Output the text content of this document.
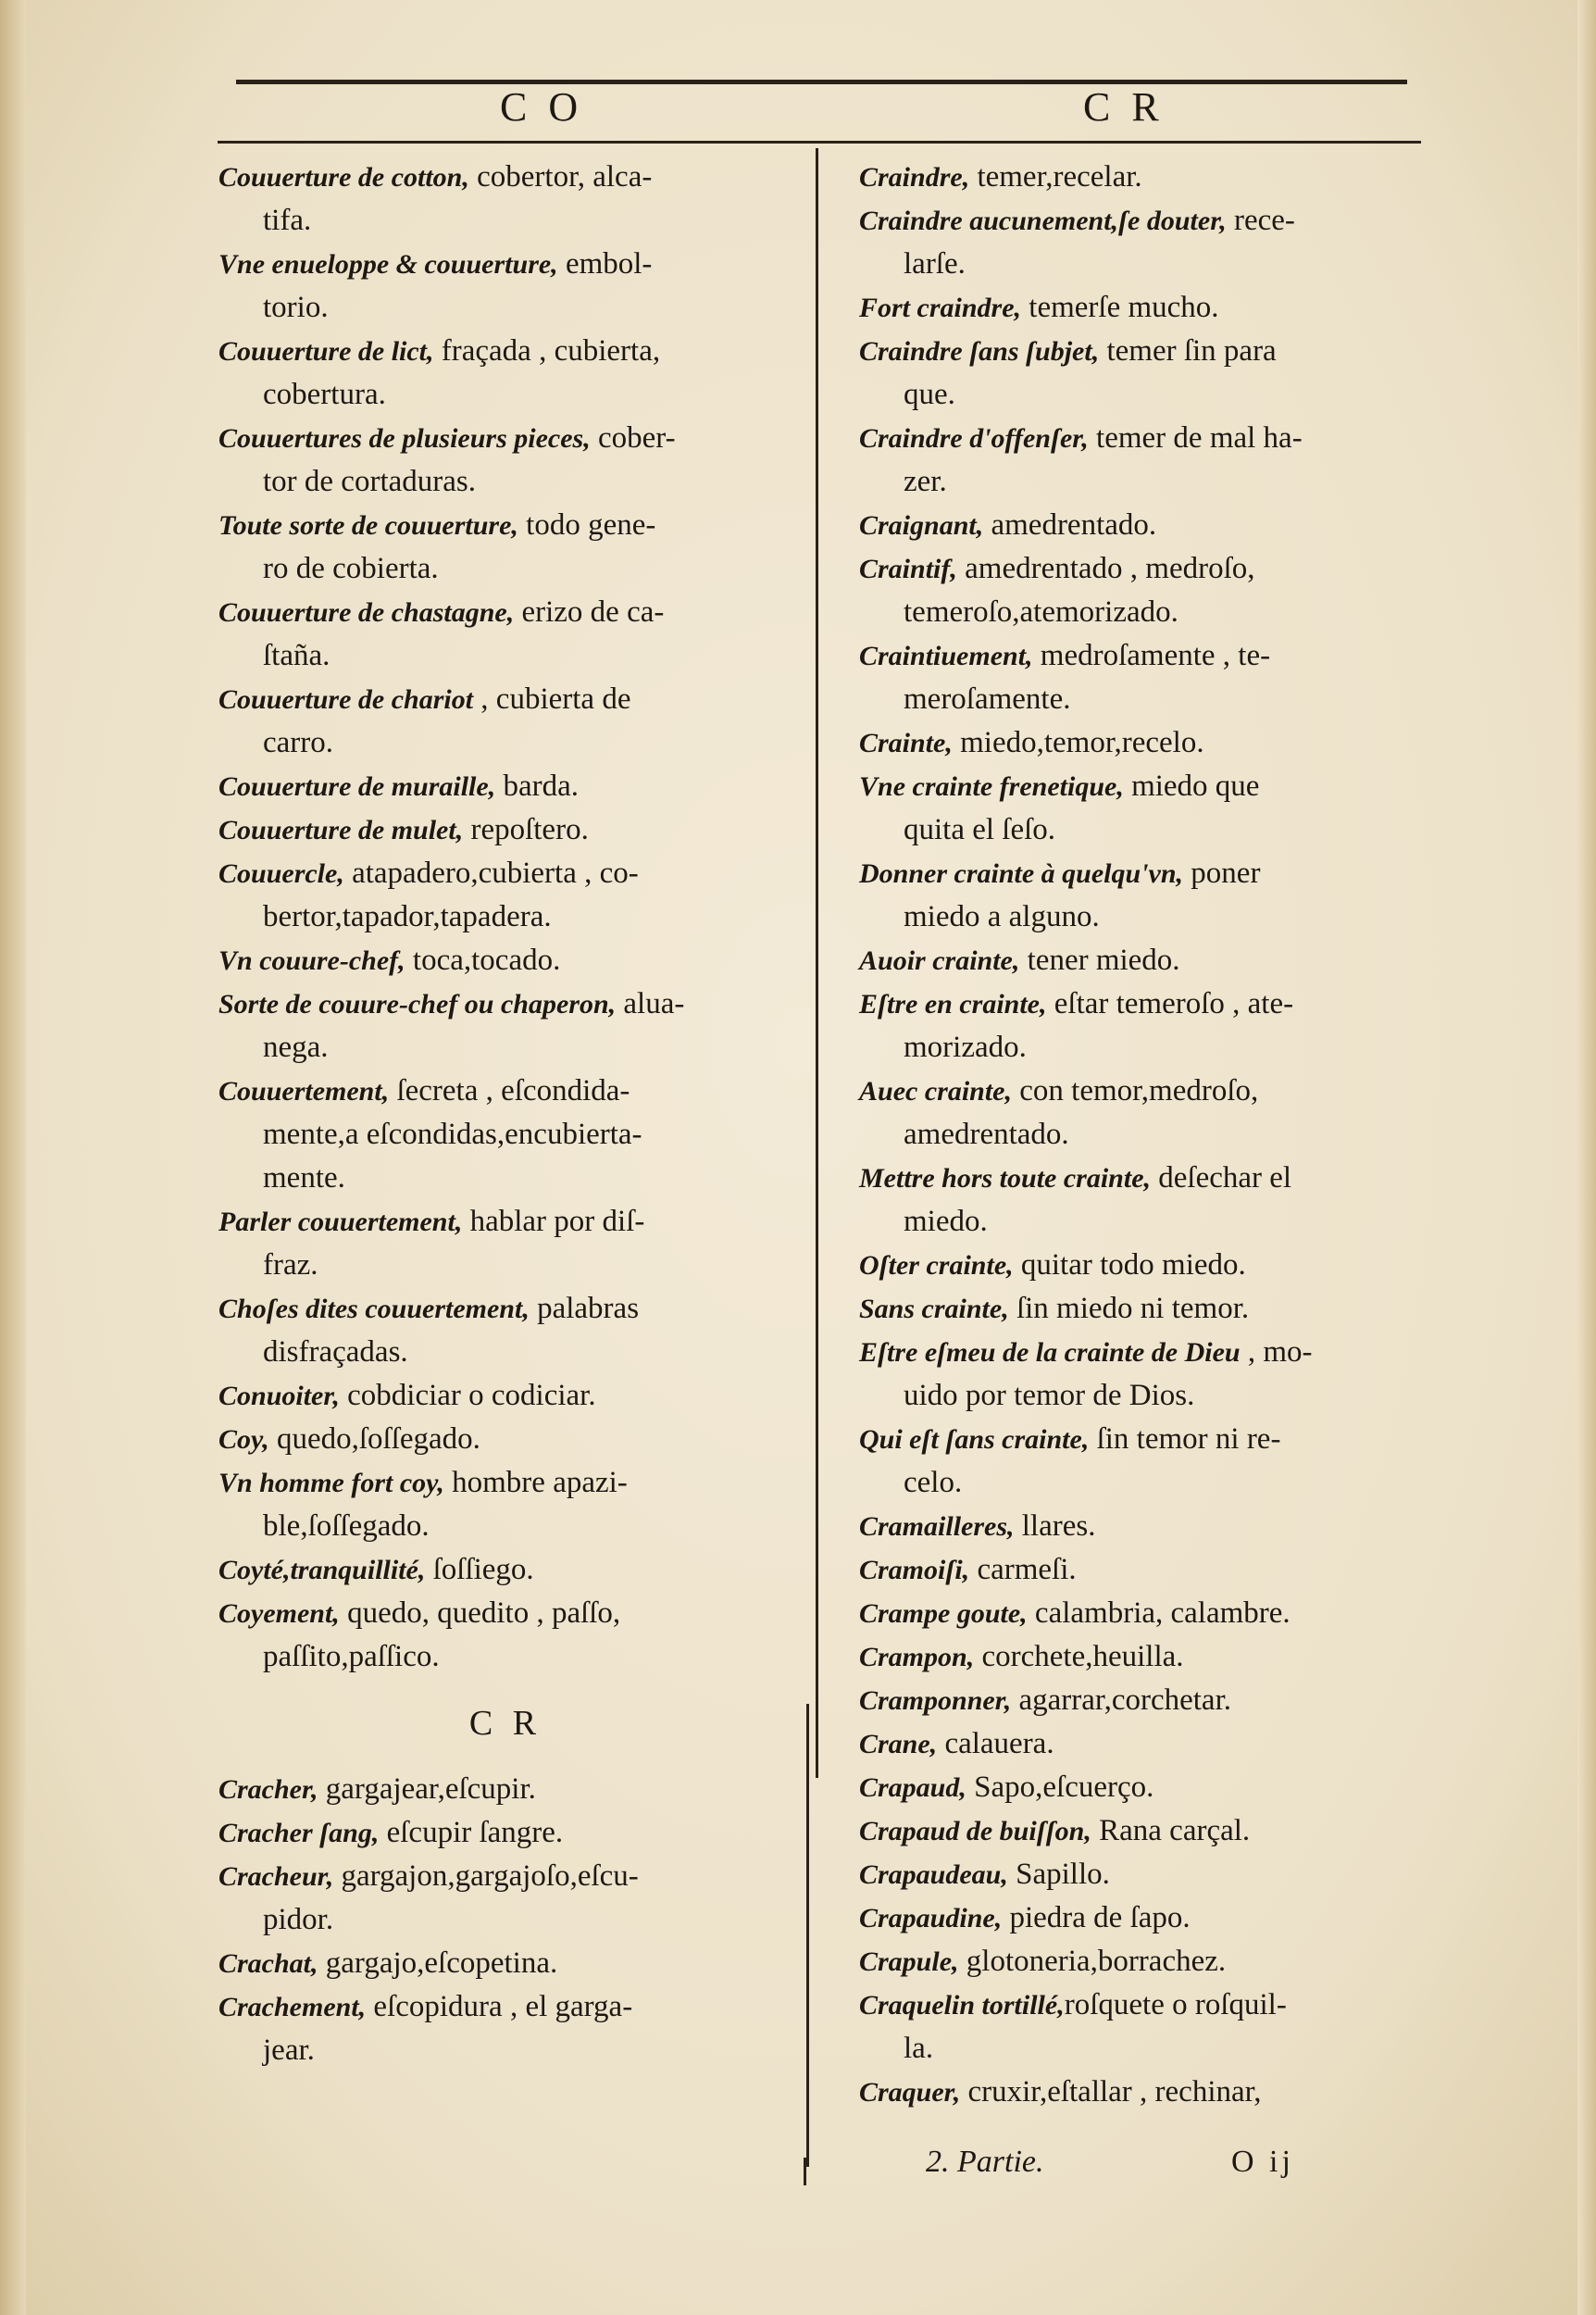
C O	C R
Couuerture de cotton, cobertor, alca-
tifa.
Vne enueloppe & couuerture, embol-
torio.
Couuerture de lict, fraçada , cubierta,
cobertura.
Couuertures de plusieurs pieces, cober-
tor de cortaduras.
Toute sorte de couuerture, todo gene-
ro de cobierta.
Couuerture de chastagne, erizo de ca-
ſtaña.
Couuerture de chariot , cubierta de
carro.
Couuerture de muraille, barda.
Couuerture de mulet, repoſtero.
Couuercle, atapadero,cubierta , co-
bertor,tapador,tapadera.
Vn couure-chef, toca,tocado.
Sorte de couure-chef ou chaperon, alua-
nega.
Couuertement, ſecreta , eſcondida-
mente,a eſcondidas,encubierta-
mente.
Parler couuertement, hablar por diſ-
fraz.
Choſes dites couuertement, palabras
disfraçadas.
Conuoiter, cobdiciar o codiciar.
Coy, quedo,ſoſſegado.
Vn homme fort coy, hombre apazi-
ble,ſoſſegado.
Coyté,tranquillité, ſoſſiego.
Coyement, quedo, quedito , paſſo,
paſſito,paſſico.
C R
Cracher, gargajear,eſcupir.
Cracher ſang, eſcupir ſangre.
Cracheur, gargajon,gargajoſo,eſcu-
pidor.
Crachat, gargajo,eſcopetina.
Crachement, eſcopidura , el garga-
jear.
Craindre, temer,recelar.
Craindre aucunement,ſe douter, rece-
larſe.
Fort craindre, temerſe mucho.
Craindre ſans ſubjet, temer ſin para
que.
Craindre d'offenſer, temer de mal ha-
zer.
Craignant, amedrentado.
Craintif, amedrentado , medroſo,
temeroſo,atemorizado.
Craintiuement, medroſamente , te-
meroſamente.
Crainte, miedo,temor,recelo.
Vne crainte frenetique, miedo que
quita el ſeſo.
Donner crainte à quelqu'vn, poner
miedo a alguno.
Auoir crainte, tener miedo.
Eſtre en crainte, eſtar temeroſo , ate-
morizado.
Auec crainte, con temor,medroſo,
amedrentado.
Mettre hors toute crainte, deſechar el
miedo.
Oſter crainte, quitar todo miedo.
Sans crainte, ſin miedo ni temor.
Eſtre eſmeu de la crainte de Dieu , mo-
uido por temor de Dios.
Qui eſt ſans crainte, ſin temor ni re-
celo.
Cramailleres, llares.
Cramoiſi, carmeſi.
Crampe goute, calambria, calambre.
Crampon, corchete,heuilla.
Cramponner, agarrar,corchetar.
Crane, calauera.
Crapaud, Sapo,eſcuerço.
Crapaud de buiſſon, Rana carçal.
Crapaudeau, Sapillo.
Crapaudine, piedra de ſapo.
Crapule, glotoneria,borrachez.
Craquelin tortillé,roſquete o roſquil-
la.
Craquer, cruxir,eſtallar , rechinar,
2. Partie.	O ij
